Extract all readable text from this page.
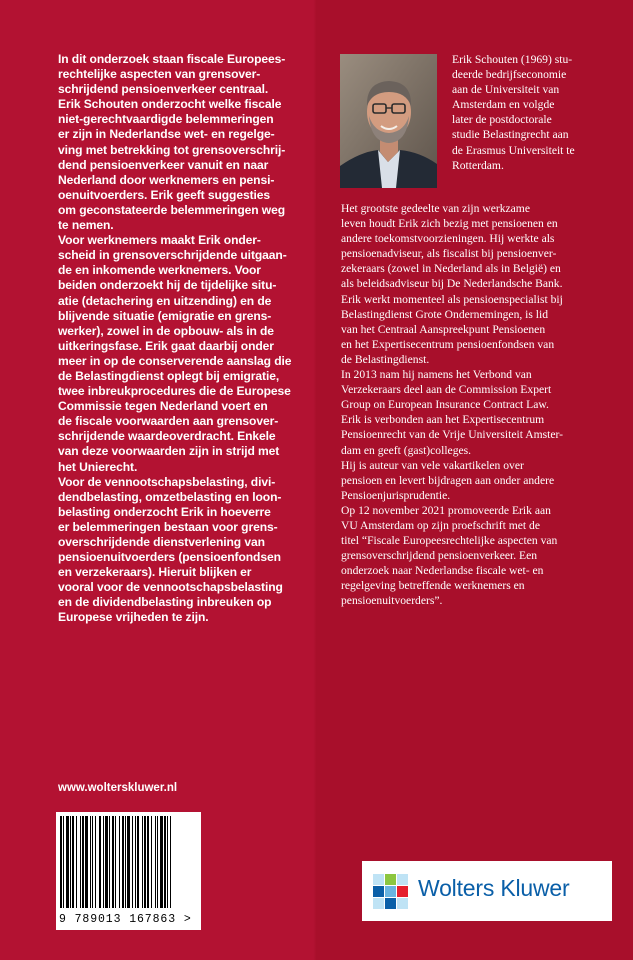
In dit onderzoek staan fiscale Europees-
rechtelijke aspecten van grensover-
schrijdend pensioenverkeer centraal.
Erik Schouten onderzocht welke fiscale
niet-gerechtvaardigde belemmeringen
er zijn in Nederlandse wet- en regelge-
ving met betrekking tot grensoverschrij-
dend pensioenverkeer vanuit en naar
Nederland door werknemers en pensi-
oenuitvoerders. Erik geeft suggesties
om geconstateerde belemmeringen weg
te nemen.
Voor werknemers maakt Erik onder-
scheid in grensoverschrijdende uitgaan-
de en inkomende werknemers. Voor
beiden onderzoekt hij de tijdelijke situ-
atie (detachering en uitzending) en de
blijvende situatie (emigratie en grens-
werker), zowel in de opbouw- als in de
uitkeringsfase. Erik gaat daarbij onder
meer in op de conserverende aanslag die
de Belastingdienst oplegt bij emigratie,
twee inbreukprocedures die de Europese
Commissie tegen Nederland voert en
de fiscale voorwaarden aan grensover-
schrijdende waardeoverdracht. Enkele
van deze voorwaarden zijn in strijd met
het Unierecht.
Voor de vennootschapsbelasting, divi-
dendbelasting, omzetbelasting en loon-
belasting onderzocht Erik in hoeverre
er belemmeringen bestaan voor grens-
overschrijdende dienstverlening van
pensioenuitvoerders (pensioenfondsen
en verzekeraars). Hieruit blijken er
vooral voor de vennootschapsbelasting
en de dividendbelasting inbreuken op
Europese vrijheden te zijn.
Erik Schouten (1969) stu-
deerde bedrijfseconomie
aan de Universiteit van
Amsterdam en volgde
later de postdoctorale
studie Belastingrecht aan
de Erasmus Universiteit te
Rotterdam.
Het grootste gedeelte van zijn werkzame
leven houdt Erik zich bezig met pensioenen en
andere toekomstvoorzieningen. Hij werkte als
pensioenadviseur, als fiscalist bij pensioenver-
zekeraars (zowel in Nederland als in België) en
als beleidsadviseur bij De Nederlandsche Bank.
Erik werkt momenteel als pensioenspecialist bij
Belastingdienst Grote Ondernemingen, is lid
van het Centraal Aanspreekpunt Pensioenen
en het Expertisecentrum pensioenfondsen van
de Belastingdienst.
In 2013 nam hij namens het Verbond van
Verzekeraars deel aan de Commission Expert
Group on European Insurance Contract Law.
Erik is verbonden aan het Expertisecentrum
Pensioenrecht van de Vrije Universiteit Amster-
dam en geeft (gast)colleges.
Hij is auteur van vele vakartikelen over
pensioen en levert bijdragen aan onder andere
Pensioenjurisprudentie.
Op 12 november 2021 promoveerde Erik aan
VU Amsterdam op zijn proefschrift met de
titel “Fiscale Europeesrechtelijke aspecten van
grensoverschrijdend pensioenverkeer. Een
onderzoek naar Nederlandse fiscale wet- en
regelgeving betreffende werknemers en
pensioenuitvoerders”.
www.wolterskluwer.nl
9 789013 167863 >
Wolters Kluwer
